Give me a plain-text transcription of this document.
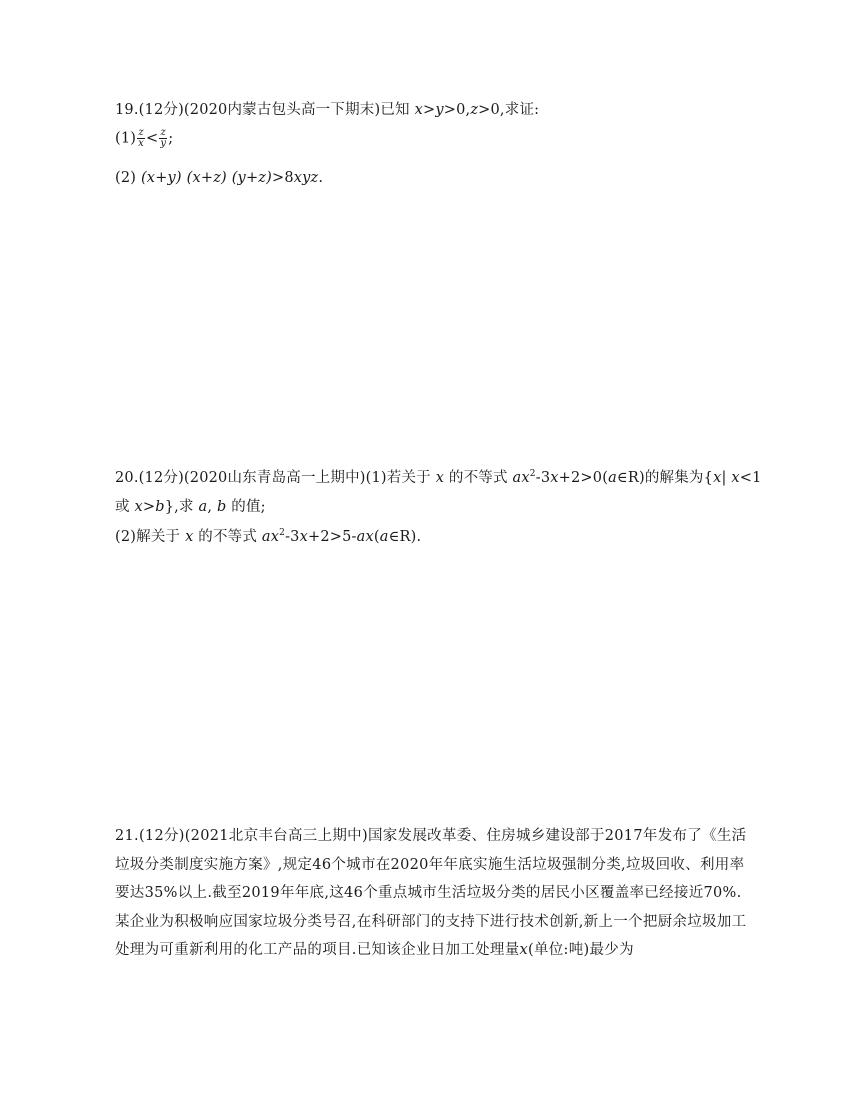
19.(12分)(2020内蒙古包头高一下期末)已知 x>y>0,z>0,求证:
$(1) \frac{z}{x} < \frac{z}{y}$ ;
(2) (x+y) (x+z) (y+z)>8xyz.
20.(12分)(2020山东青岛高一上期中)(1)若关于 x 的不等式 $ax^2-3x+2>0(a\in R)$的解集为{x| x<1
或 x>b},求 a, b 的值;
(2)解关于 x 的不等式 $ax^2-3x+2>5-ax(a\in R)$.
21.(12分)(2021北京丰台高三上期中)国家发展改革委、住房城乡建设部于2017年发布了《生活垃圾分类制度实施方案》,规定46个城市在2020年年底实施生活垃圾强制分类,垃圾回收、利用率要达35%以上.截至2019年年底,这46个重点城市生活垃圾分类的居民小区覆盖率已经接近70%.某企业为积极响应国家垃圾分类号召,在科研部门的支持下进行技术创新,新上一个把厨余垃圾加工处理为可重新利用的化工产品的项目.已知该企业日加工处理量x(单位:吨)最少为
